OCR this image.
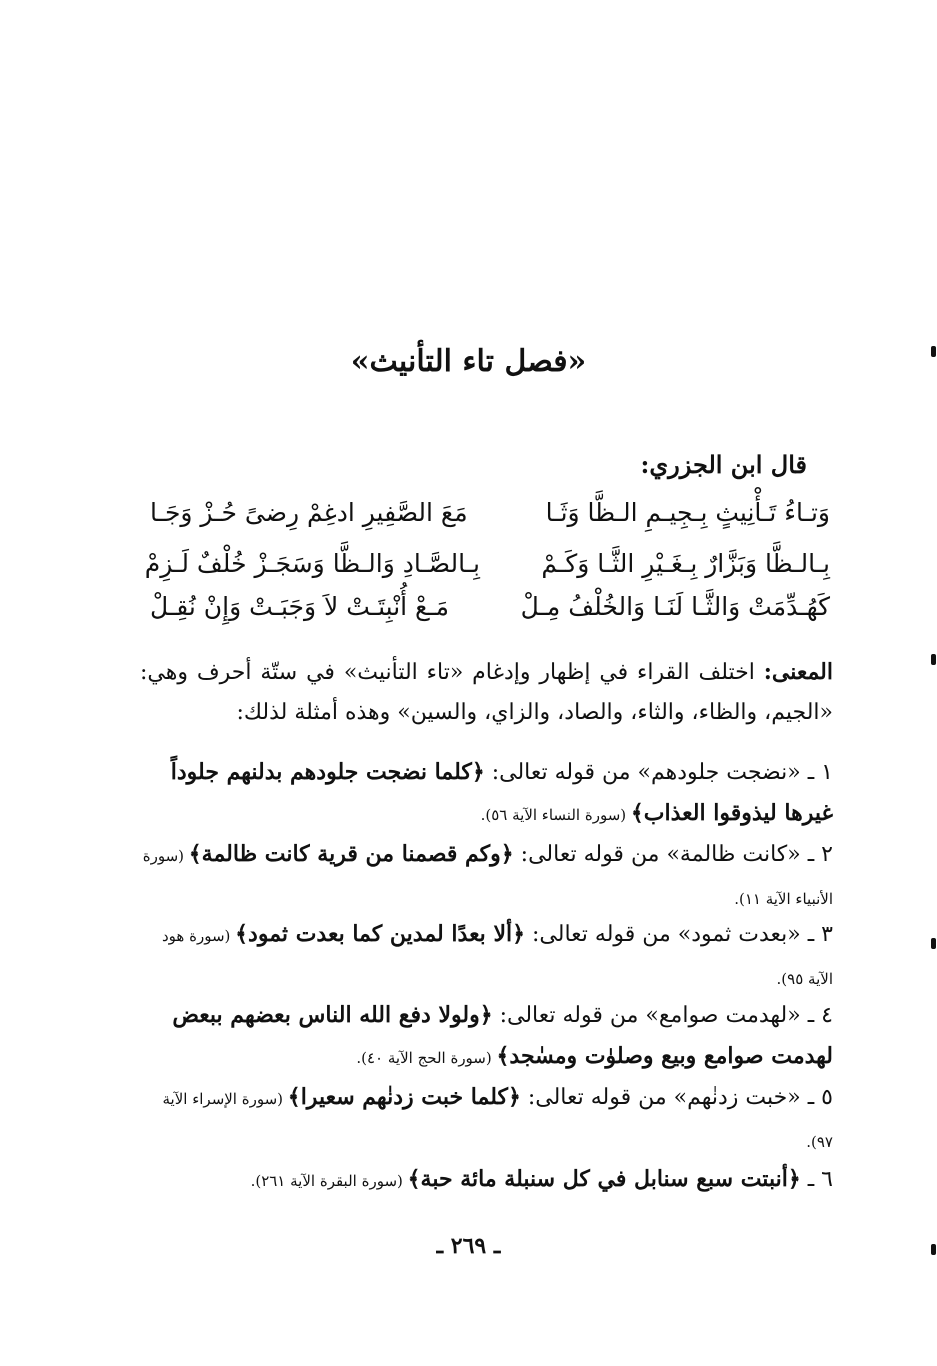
«فصل تاء التأنيث»
قال ابن الجزري:
وَتـاءُ تَـأْنِيثٍ بِـجِيـمِ الـظَّا وَثَـا
مَعَ الصَّفِيرِ ادغِمْ رِضىً حُـزْ وَجَـا
بِـالـظَّا وَبَزَّارٌ بِـغَـيْرِ الثَّـا وَكَـمْ
بِـالصَّـادِ وَالـظَّا وَسَجَـزْ خُلْفٌ لَـزِمْ
كَهُـدِّمَتْ وَالثَّـا لَنَـا وَالخُلْفُ مِـلْ
مَـعْ أُنْبِتَـتْ لاَ وَجَبَـتْ وَإِنْ نُقِـلْ
المعنى: اختلف القراء في إظهار وإدغام «تاء التأنيث» في ستّة أحرف وهي: «الجيم، والظاء، والثاء، والصاد، والزاي، والسين» وهذه أمثلة لذلك:
١ ـ «نضجت جلودهم» من قوله تعالى: ﴿كلما نضجت جلودهم بدلنهم جلوداً غيرها ليذوقوا العذاب﴾ (سورة النساء الآية ٥٦).
٢ ـ «كانت ظالمة» من قوله تعالى: ﴿وكم قصمنا من قرية كانت ظالمة﴾ (سورة الأنبياء الآية ١١).
٣ ـ «بعدت ثمود» من قوله تعالى: ﴿ألا بعدًا لمدين كما بعدت ثمود﴾ (سورة هود الآية ٩٥).
٤ ـ «لهدمت صوامع» من قوله تعالى: ﴿ولولا دفع الله الناس بعضهم ببعض لهدمت صوامع وبيع وصلوٰت ومسٰجد﴾ (سورة الحج الآية ٤٠).
٥ ـ «خبت زدنٰهم» من قوله تعالى: ﴿كلما خبت زدنٰهم سعيرا﴾ (سورة الإسراء الآية ٩٧).
٦ ـ ﴿أنبتت سبع سنابل في كل سنبلة مائة حبة﴾ (سورة البقرة الآية ٢٦١).
ـ ٢٦٩ ـ
